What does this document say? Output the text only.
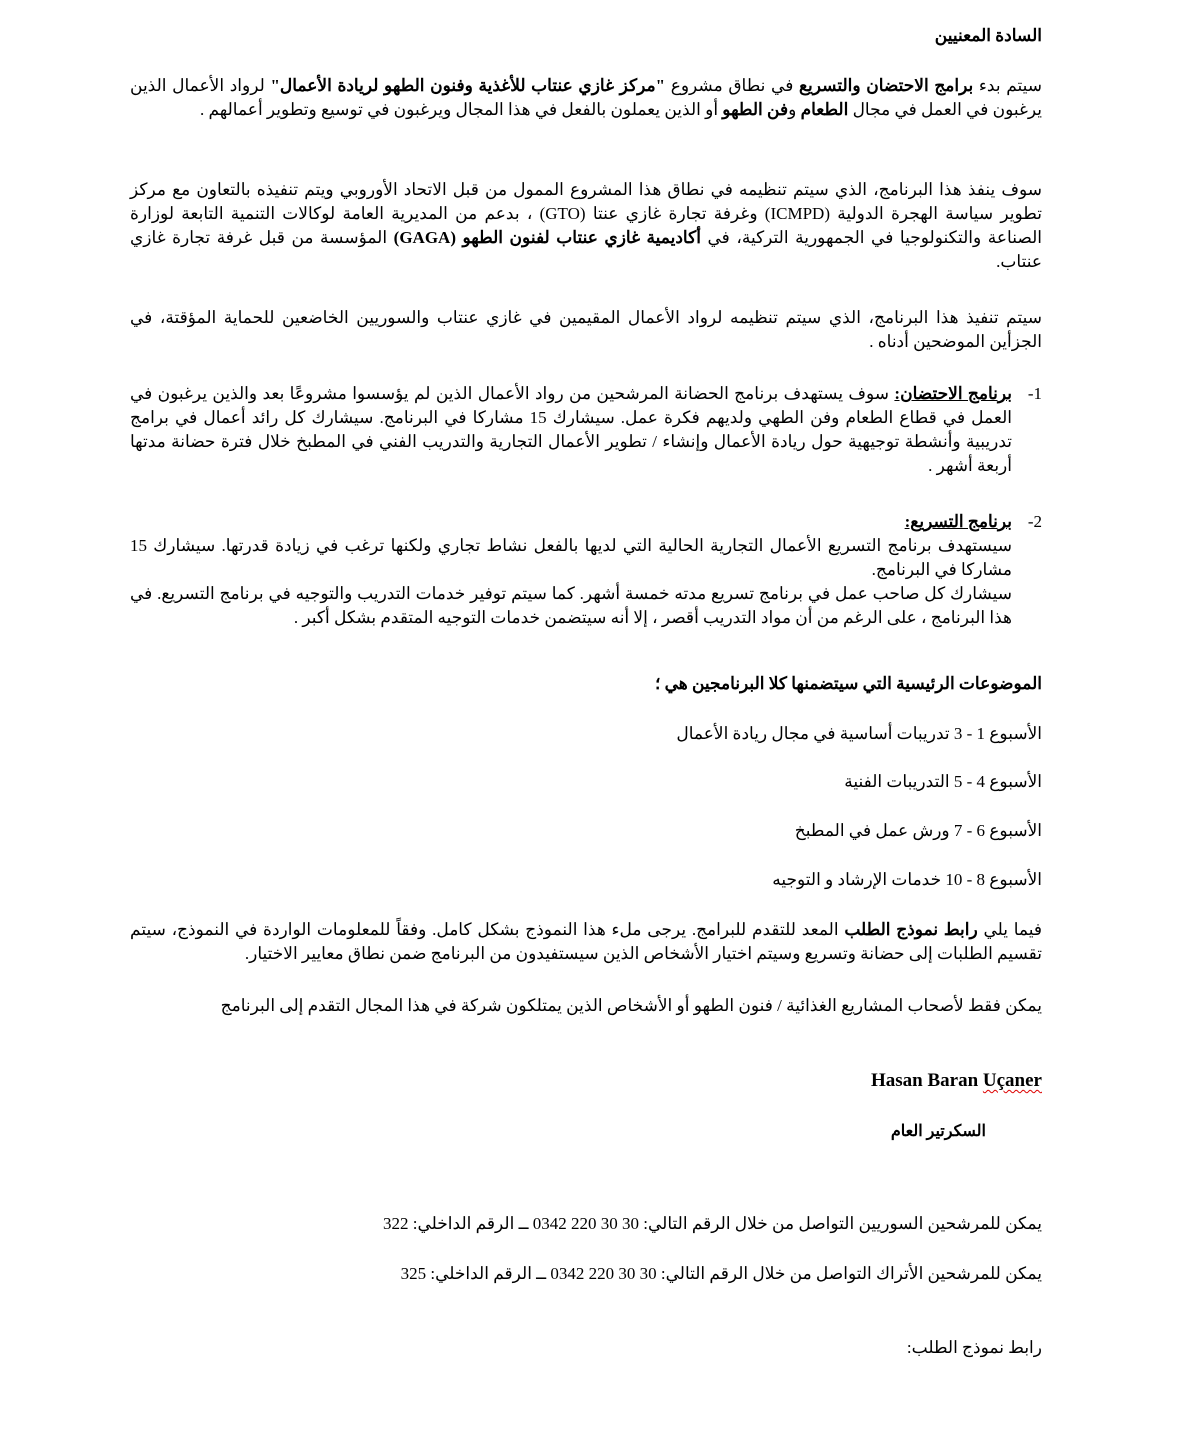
السادة المعنيين

سيتم بدء برامج الاحتضان والتسريع في نطاق مشروع "مركز غازي عنتاب للأغذية وفنون الطهو لريادة الأعمال" لرواد الأعمال الذين يرغبون في العمل في مجال الطعام وفن الطهو أو الذين يعملون بالفعل في هذا المجال ويرغبون في توسيع وتطوير أعمالهم .

سوف ينفذ هذا البرنامج، الذي سيتم تنظيمه في نطاق هذا المشروع الممول من قبل الاتحاد الأوروبي ويتم تنفيذه بالتعاون مع مركز تطوير سياسة الهجرة الدولية (ICMPD) وغرفة تجارة غازي عنتا (GTO) ، بدعم من المديرية العامة لوكالات التنمية التابعة لوزارة الصناعة والتكنولوجيا في الجمهورية التركية، في أكاديمية غازي عنتاب لفنون الطهو (GAGA) المؤسسة من قبل غرفة تجارة غازي عنتاب.

سيتم تنفيذ هذا البرنامج، الذي سيتم تنظيمه لرواد الأعمال المقيمين في غازي عنتاب والسوريين الخاضعين للحماية المؤقتة، في الجزأين الموضحين أدناه .

1-
برنامج الاحتضان: سوف يستهدف برنامج الحضانة المرشحين من رواد الأعمال الذين لم يؤسسوا مشروعًا بعد والذين يرغبون في العمل في قطاع الطعام وفن الطهي ولديهم فكرة عمل. سيشارك 15 مشاركا في البرنامج. سيشارك كل رائد أعمال في برامج تدريبية وأنشطة توجيهية حول ريادة الأعمال وإنشاء / تطوير الأعمال التجارية والتدريب الفني في المطبخ خلال فترة حضانة مدتها أربعة أشهر .
2-
برنامج التسريع:
سيستهدف برنامج التسريع الأعمال التجارية الحالية التي لديها بالفعل نشاط تجاري ولكنها ترغب في زيادة قدرتها. سيشارك 15 مشاركا في البرنامج.
سيشارك كل صاحب عمل في برنامج تسريع مدته خمسة أشهر. كما سيتم توفير خدمات التدريب والتوجيه في برنامج التسريع. في هذا البرنامج ، على الرغم من أن مواد التدريب أقصر ، إلا أنه سيتضمن خدمات التوجيه المتقدم بشكل أكبر .

الموضوعات الرئيسية التي سيتضمنها كلا البرنامجين هي ؛

الأسبوع 1 - 3 تدريبات أساسية في مجال ريادة الأعمال

الأسبوع 4 - 5 التدريبات الفنية

الأسبوع 6 - 7 ورش عمل في المطبخ

الأسبوع 8 - 10 خدمات الإرشاد و التوجيه

فيما يلي رابط نموذج الطلب المعد للتقدم للبرامج. يرجى ملء هذا النموذج بشكل كامل. وفقاً للمعلومات الواردة في النموذج، سيتم تقسيم الطلبات إلى حضانة وتسريع وسيتم اختيار الأشخاص الذين سيستفيدون من البرنامج ضمن نطاق معايير الاختيار.

يمكن فقط لأصحاب المشاريع الغذائية / فنون الطهو أو الأشخاص الذين يمتلكون شركة في هذا المجال التقدم إلى البرنامج

Hasan Baran Uçaner
السكرتير العام

يمكن للمرشحين السوريين التواصل من خلال الرقم التالي: 30 30 220 0342 ــ الرقم الداخلي: 322

يمكن للمرشحين الأتراك التواصل من خلال الرقم التالي: 30 30 220 0342 ــ الرقم الداخلي: 325

رابط نموذج الطلب:
